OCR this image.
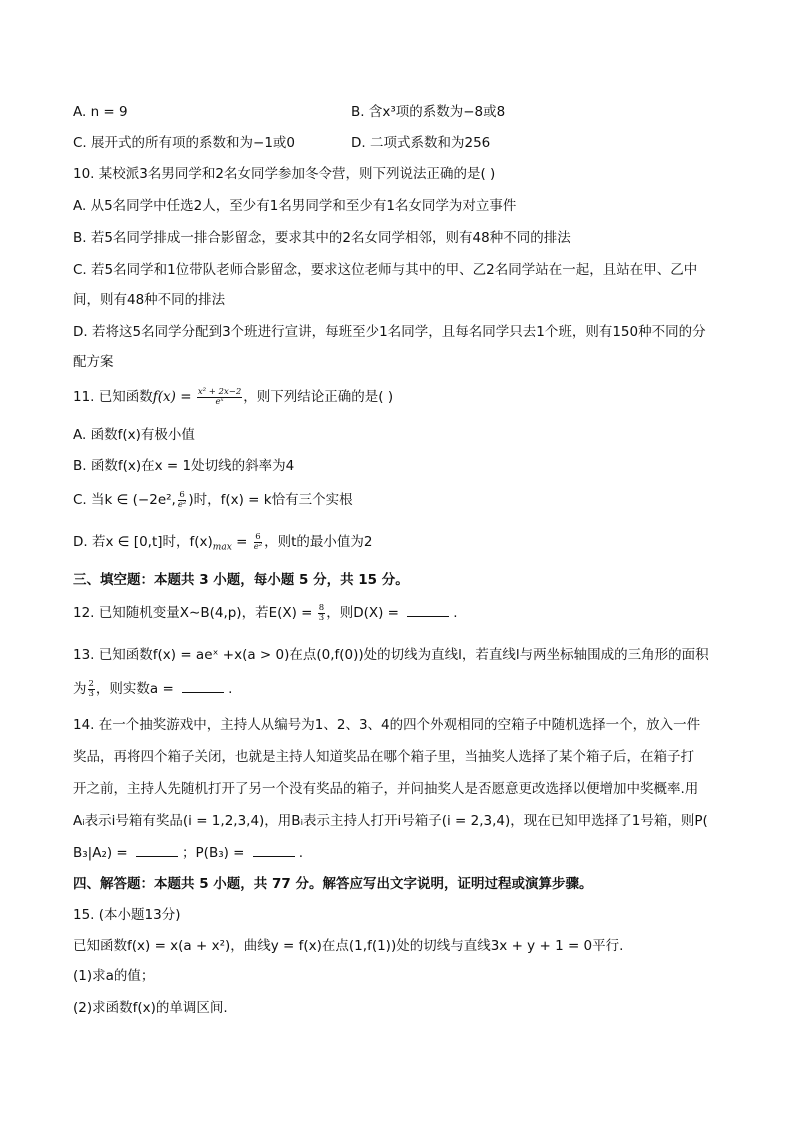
A. n = 9	B. 含x³项的系数为−8或8
C. 展开式的所有项的系数和为−1或0	D. 二项式系数和为256
10. 某校派3名男同学和2名女同学参加冬令营，则下列说法正确的是( )
A. 从5名同学中任选2人，至少有1名男同学和至少有1名女同学为对立事件
B. 若5名同学排成一排合影留念，要求其中的2名女同学相邻，则有48种不同的排法
C. 若5名同学和1位带队老师合影留念，要求这位老师与其中的甲、乙2名同学站在一起，且站在甲、乙中
间，则有48种不同的排法
D. 若将这5名同学分配到3个班进行宣讲，每班至少1名同学，且每名同学只去1个班，则有150种不同的分
配方案
11. 已知函数$f(x) = \frac{\text{x² + 2x−2}}{\text{eˣ}}$ ，则下列结论正确的是( )
A. 函数f(x)有极小值
B. 函数f(x)在x = 1处切线的斜率为4
C. 当k ∈ (−2e², $\frac{6}{\text{e²}}$ )时，f(x) = k恰有三个实根
D. 若x ∈ [0,t]时，$f(x)_{max} = \frac{6}{\text{e²}}$ ，则t的最小值为2
三、填空题：本题共 3 小题，每小题 5 分，共 15 分。
12. 已知随机变量X∼B(4,p)，若$E(X) = \frac{8}{3}$ ，则D(X) =	.
13. 已知函数f(x) = aeˣ +x(a > 0)在点(0,f(0))处的切线为直线l，若直线l与两坐标轴围成的三角形的面积
为 $\frac{2}{3}$ ，则实数a =	.
14. 在一个抽奖游戏中，主持人从编号为1、2、3、4的四个外观相同的空箱子中随机选择一个，放入一件
奖品，再将四个箱子关闭，也就是主持人知道奖品在哪个箱子里，当抽奖人选择了某个箱子后，在箱子打
开之前，主持人先随机打开了另一个没有奖品的箱子，并问抽奖人是否愿意更改选择以便增加中奖概率.用
Aᵢ表示i号箱有奖品(i = 1,2,3,4)，用Bᵢ表示主持人打开i号箱子(i = 2,3,4)，现在已知甲选择了1号箱，则P(
B₃|A₂) =	；P(B₃) =	.
四、解答题：本题共 5 小题，共 77 分。解答应写出文字说明，证明过程或演算步骤。
15. (本小题13分)
已知函数f(x) = x(a + x²)，曲线y = f(x)在点(1,f(1))处的切线与直线3x + y + 1 = 0平行.
(1)求a的值；
(2)求函数f(x)的单调区间.
